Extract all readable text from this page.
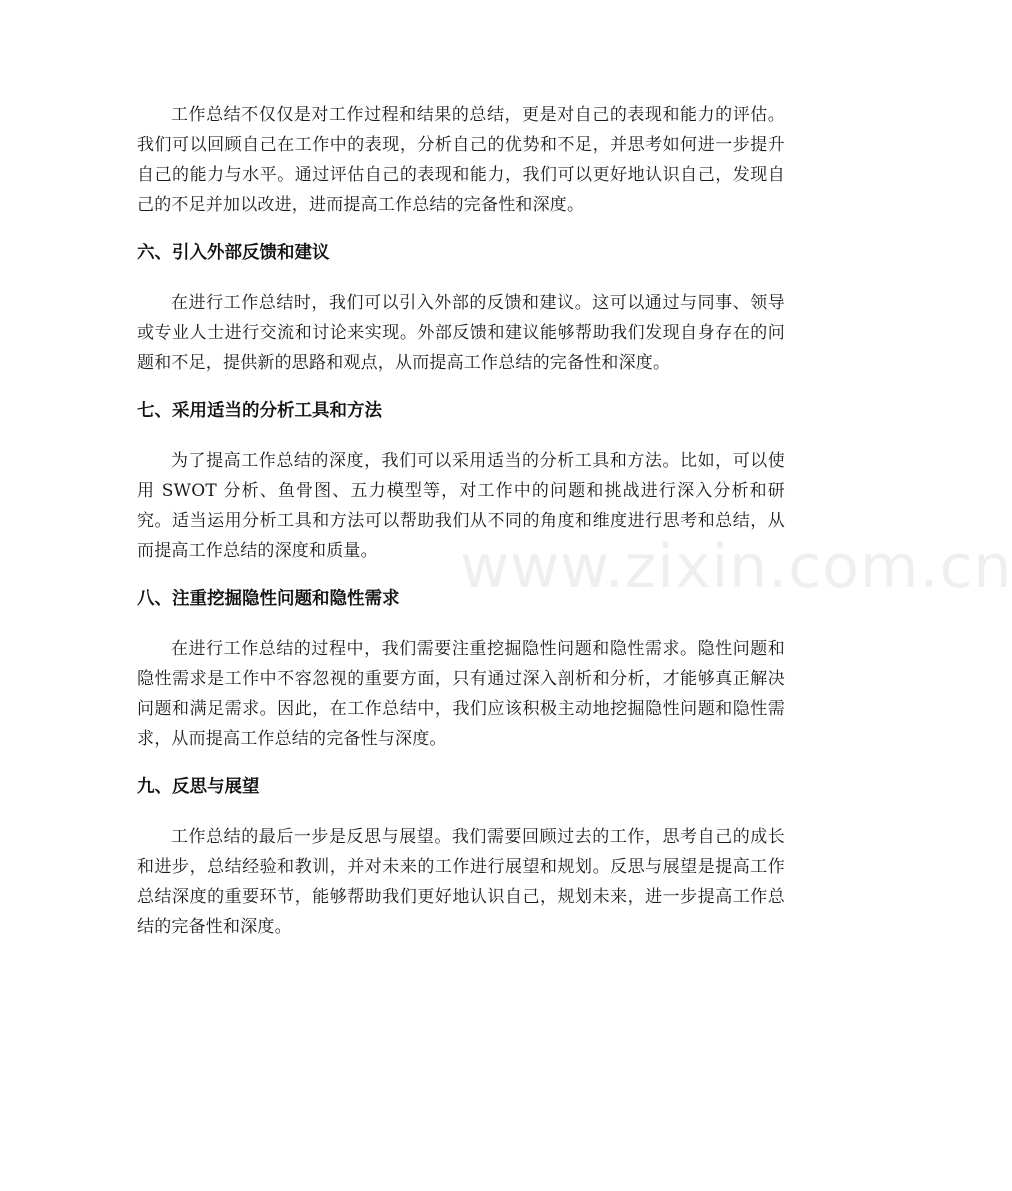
www.zixin.com.cn

工作总结不仅仅是对工作过程和结果的总结，更是对自己的表现和能力的评估。我们可以回顾自己在工作中的表现，分析自己的优势和不足，并思考如何进一步提升自己的能力与水平。通过评估自己的表现和能力，我们可以更好地认识自己，发现自己的不足并加以改进，进而提高工作总结的完备性和深度。

六、引入外部反馈和建议

在进行工作总结时，我们可以引入外部的反馈和建议。这可以通过与同事、领导或专业人士进行交流和讨论来实现。外部反馈和建议能够帮助我们发现自身存在的问题和不足，提供新的思路和观点，从而提高工作总结的完备性和深度。

七、采用适当的分析工具和方法

为了提高工作总结的深度，我们可以采用适当的分析工具和方法。比如，可以使用 SWOT 分析、鱼骨图、五力模型等，对工作中的问题和挑战进行深入分析和研究。适当运用分析工具和方法可以帮助我们从不同的角度和维度进行思考和总结，从而提高工作总结的深度和质量。

八、注重挖掘隐性问题和隐性需求

在进行工作总结的过程中，我们需要注重挖掘隐性问题和隐性需求。隐性问题和隐性需求是工作中不容忽视的重要方面，只有通过深入剖析和分析，才能够真正解决问题和满足需求。因此，在工作总结中，我们应该积极主动地挖掘隐性问题和隐性需求，从而提高工作总结的完备性与深度。

九、反思与展望

工作总结的最后一步是反思与展望。我们需要回顾过去的工作，思考自己的成长和进步，总结经验和教训，并对未来的工作进行展望和规划。反思与展望是提高工作总结深度的重要环节，能够帮助我们更好地认识自己，规划未来，进一步提高工作总结的完备性和深度。
